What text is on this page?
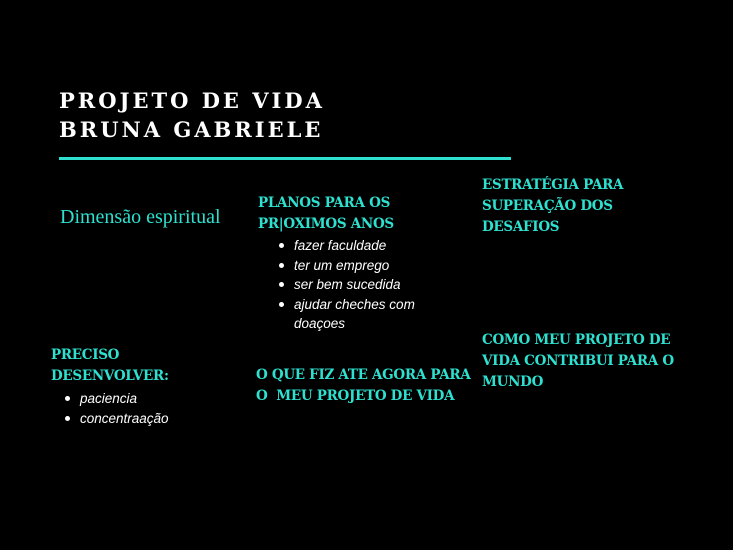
PROJETO DE VIDA
BRUNA GABRIELE
Dimensão espiritual
PLANOS PARA OS
PR|OXIMOS ANOS
fazer faculdade
ter um emprego
ser bem sucedida
ajudar cheches com
doaçoes
ESTRATÉGIA PARA
SUPERAÇÃO DOS
DESAFIOS
COMO MEU PROJETO DE
VIDA CONTRIBUI PARA O
MUNDO
PRECISO
DESENVOLVER:
paciencia
concentraação
O QUE FIZ ATE AGORA PARA
O  MEU PROJETO DE VIDA
